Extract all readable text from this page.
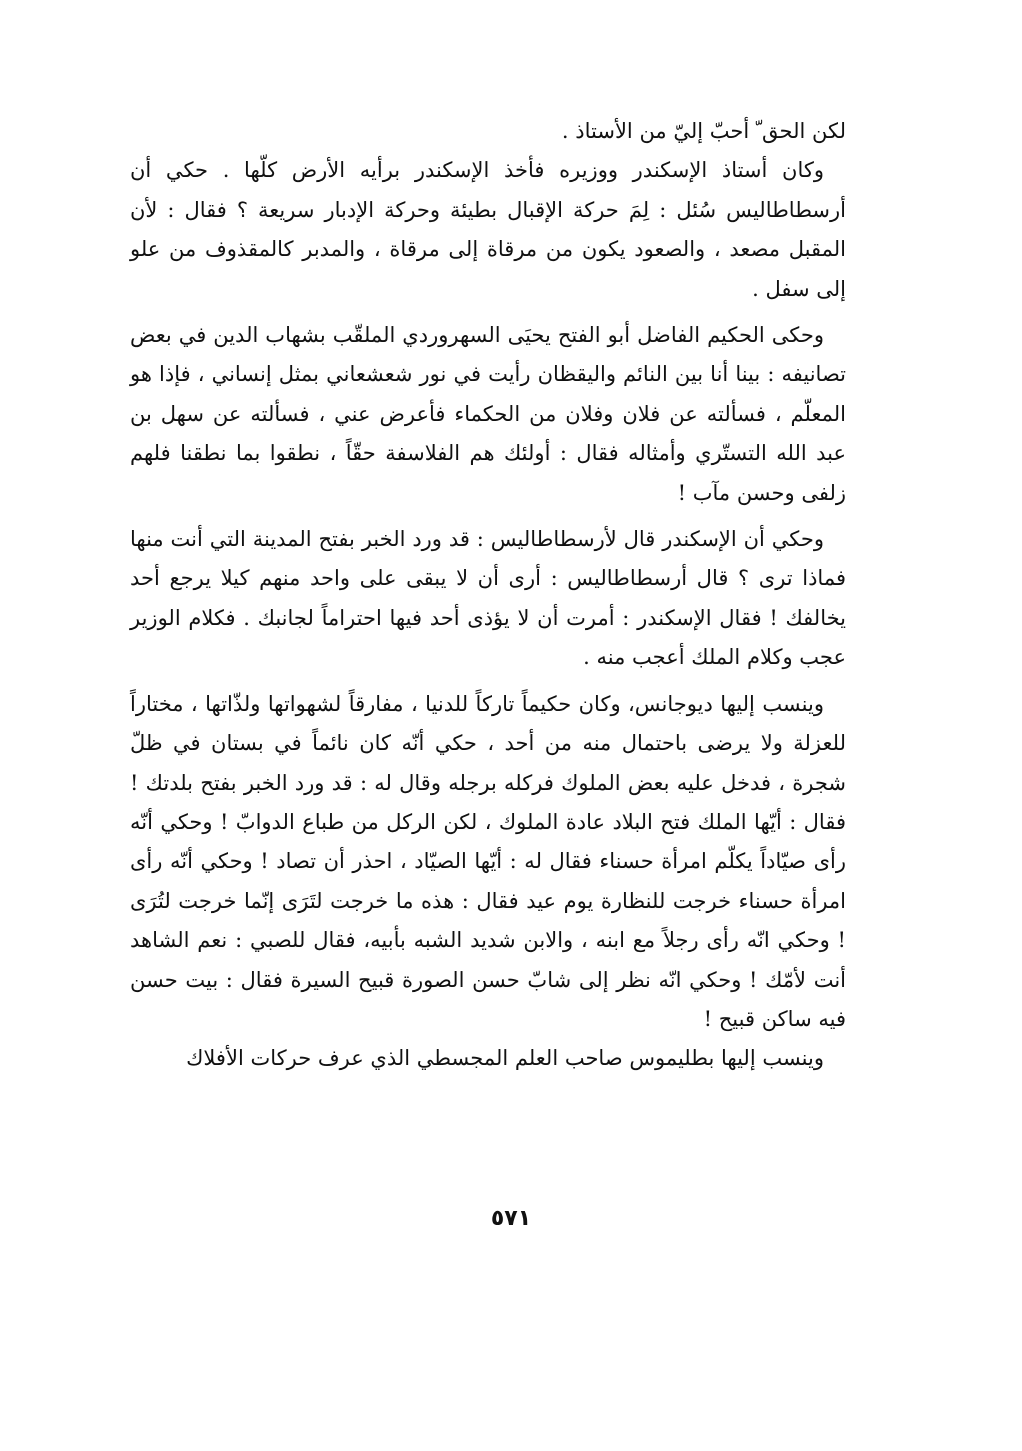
لكن الحق ّ أحبّ إليّ من الأستاذ .

وكان أستاذ الإسكندر ووزيره فأخذ الإسكندر برأيه الأرض كلّها . حكي أن أرسطاطاليس سُئل : لِمَ حركة الإقبال بطيئة وحركة الإدبار سريعة ؟ فقال : لأن المقبل مصعد ، والصعود يكون من مرقاة إلى مرقاة ، والمدبر كالمقذوف من علو إلى سفل .

وحكى الحكيم الفاضل أبو الفتح يحيَى السهروردي الملقّب بشهاب الدين في بعض تصانيفه : بينا أنا بين النائم واليقظان رأيت في نور شعشعاني بمثل إنساني ، فإذا هو المعلّم ، فسألته عن فلان وفلان من الحكماء فأعرض عني ، فسألته عن سهل بن عبد الله التستّري وأمثاله فقال : أولئك هم الفلاسفة حقّاً ، نطقوا بما نطقنا فلهم زلفى وحسن مآب !

وحكي أن الإسكندر قال لأرسطاطاليس : قد ورد الخبر بفتح المدينة التي أنت منها فماذا ترى ؟ قال أرسطاطاليس : أرى أن لا يبقى على واحد منهم كيلا يرجع أحد يخالفك ! فقال الإسكندر : أمرت أن لا يؤذى أحد فيها احتراماً لجانبك . فكلام الوزير عجب وكلام الملك أعجب منه .

وينسب إليها ديوجانس، وكان حكيماً تاركاً للدنيا ، مفارقاً لشهواتها ولذّاتها ، مختاراً للعزلة ولا يرضى باحتمال منه من أحد ، حكي أنّه كان نائماً في بستان في ظلّ شجرة ، فدخل عليه بعض الملوك فركله برجله وقال له : قد ورد الخبر بفتح بلدتك ! فقال : أيّها الملك فتح البلاد عادة الملوك ، لكن الركل من طباع الدوابّ ! وحكي أنّه رأى صيّاداً يكلّم امرأة حسناء فقال له : أيّها الصيّاد ، احذر أن تصاد ! وحكي أنّه رأى امرأة حسناء خرجت للنظارة يوم عيد فقال : هذه ما خرجت لتَرَى إنّما خرجت لتُرَى ! وحكي انّه رأى رجلاً مع ابنه ، والابن شديد الشبه بأبيه، فقال للصبي : نعم الشاهد أنت لأمّك ! وحكي انّه نظر إلى شابّ حسن الصورة قبيح السيرة فقال : بيت حسن فيه ساكن قبيح !

وينسب إليها بطليموس صاحب العلم المجسطي الذي عرف حركات الأفلاك

٥٧١
